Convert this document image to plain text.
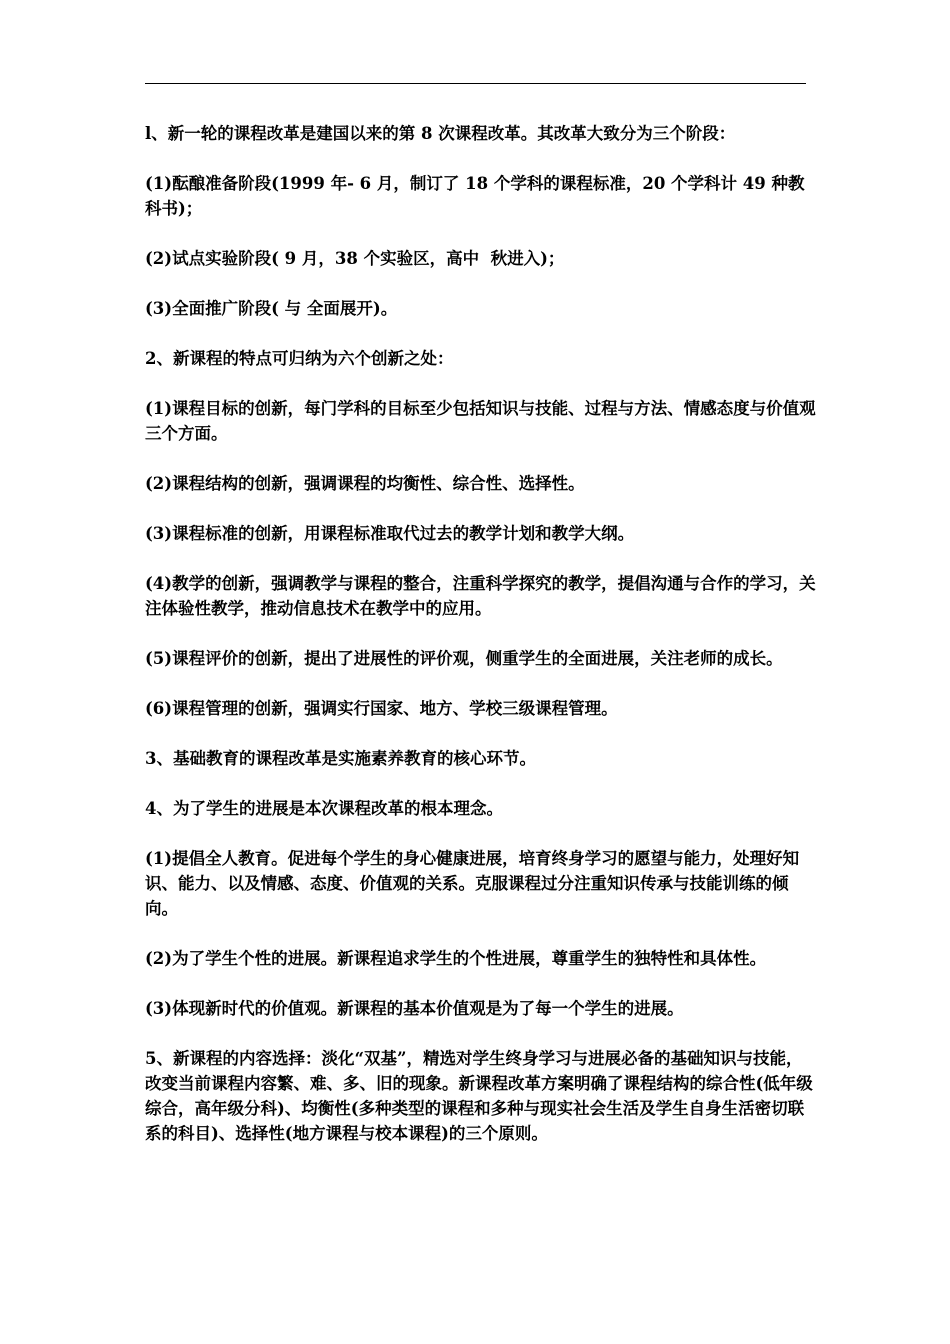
l、新一轮的课程改革是建国以来的第 8 次课程改革。其改革大致分为三个阶段：

(1)酝酿准备阶段(1999 年- 6 月，制订了 18 个学科的课程标准，20 个学科计 49 种教科书)；

(2)试点实验阶段( 9 月，38 个实验区，高中  秋进入)；

(3)全面推广阶段( 与 全面展开)。

2、新课程的特点可归纳为六个创新之处：

(1)课程目标的创新，每门学科的目标至少包括知识与技能、过程与方法、情感态度与价值观三个方面。

(2)课程结构的创新，强调课程的均衡性、综合性、选择性。

(3)课程标准的创新，用课程标准取代过去的教学计划和教学大纲。

(4)教学的创新，强调教学与课程的整合，注重科学探究的教学，提倡沟通与合作的学习，关注体验性教学，推动信息技术在教学中的应用。

(5)课程评价的创新，提出了进展性的评价观，侧重学生的全面进展，关注老师的成长。

(6)课程管理的创新，强调实行国家、地方、学校三级课程管理。

3、基础教育的课程改革是实施素养教育的核心环节。

4、为了学生的进展是本次课程改革的根本理念。

(1)提倡全人教育。促进每个学生的身心健康进展，培育终身学习的愿望与能力，处理好知识、能力、以及情感、态度、价值观的关系。克服课程过分注重知识传承与技能训练的倾向。

(2)为了学生个性的进展。新课程追求学生的个性进展，尊重学生的独特性和具体性。

(3)体现新时代的价值观。新课程的基本价值观是为了每一个学生的进展。

5、新课程的内容选择：淡化“双基”，精选对学生终身学习与进展必备的基础知识与技能，改变当前课程内容繁、难、多、旧的现象。新课程改革方案明确了课程结构的综合性(低年级综合，高年级分科)、均衡性(多种类型的课程和多种与现实社会生活及学生自身生活密切联系的科目)、选择性(地方课程与校本课程)的三个原则。
